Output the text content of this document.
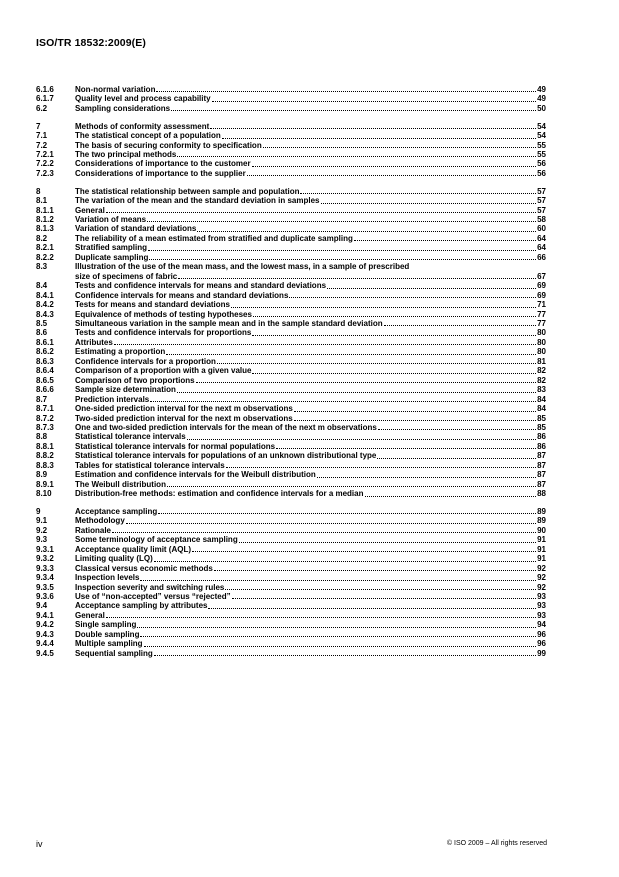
ISO/TR 18532:2009(E)
6.1.6	Non-normal variation	49
6.1.7	Quality level and process capability	49
6.2	Sampling considerations	50
7	Methods of conformity assessment	54
7.1	The statistical concept of a population	54
7.2	The basis of securing conformity to specification	55
7.2.1	The two principal methods	55
7.2.2	Considerations of importance to the customer	56
7.2.3	Considerations of importance to the supplier	56
8	The statistical relationship between sample and population	57
8.1	The variation of the mean and the standard deviation in samples	57
8.1.1	General	57
8.1.2	Variation of means	58
8.1.3	Variation of standard deviations	60
8.2	The reliability of a mean estimated from stratified and duplicate sampling	64
8.2.1	Stratified sampling	64
8.2.2	Duplicate sampling	66
8.3	Illustration of the use of the mean mass, and the lowest mass, in a sample of prescribed
size of specimens of fabric	67
8.4	Tests and confidence intervals for means and standard deviations	69
8.4.1	Confidence intervals for means and standard deviations	69
8.4.2	Tests for means and standard deviations	71
8.4.3	Equivalence of methods of testing hypotheses	77
8.5	Simultaneous variation in the sample mean and in the sample standard deviation	77
8.6	Tests and confidence intervals for proportions	80
8.6.1	Attributes	80
8.6.2	Estimating a proportion	80
8.6.3	Confidence intervals for a proportion	81
8.6.4	Comparison of a proportion with a given value	82
8.6.5	Comparison of two proportions	82
8.6.6	Sample size determination	83
8.7	Prediction intervals	84
8.7.1	One-sided prediction interval for the next m observations	84
8.7.2	Two-sided prediction interval for the next m observations	85
8.7.3	One and two-sided prediction intervals for the mean of the next m observations	85
8.8	Statistical tolerance intervals	86
8.8.1	Statistical tolerance intervals for normal populations	86
8.8.2	Statistical tolerance intervals for populations of an unknown distributional type	87
8.8.3	Tables for statistical tolerance intervals	87
8.9	Estimation and confidence intervals for the Weibull distribution	87
8.9.1	The Weibull distribution	87
8.10	Distribution-free methods: estimation and confidence intervals for a median	88
9	Acceptance sampling	89
9.1	Methodology	89
9.2	Rationale	90
9.3	Some terminology of acceptance sampling	91
9.3.1	Acceptance quality limit (AQL)	91
9.3.2	Limiting quality (LQ)	91
9.3.3	Classical versus economic methods	92
9.3.4	Inspection levels	92
9.3.5	Inspection severity and switching rules	92
9.3.6	Use of “non-accepted” versus “rejected”	93
9.4	Acceptance sampling by attributes	93
9.4.1	General	93
9.4.2	Single sampling	94
9.4.3	Double sampling	96
9.4.4	Multiple sampling	96
9.4.5	Sequential sampling	99
iv	© ISO 2009 – All rights reserved
